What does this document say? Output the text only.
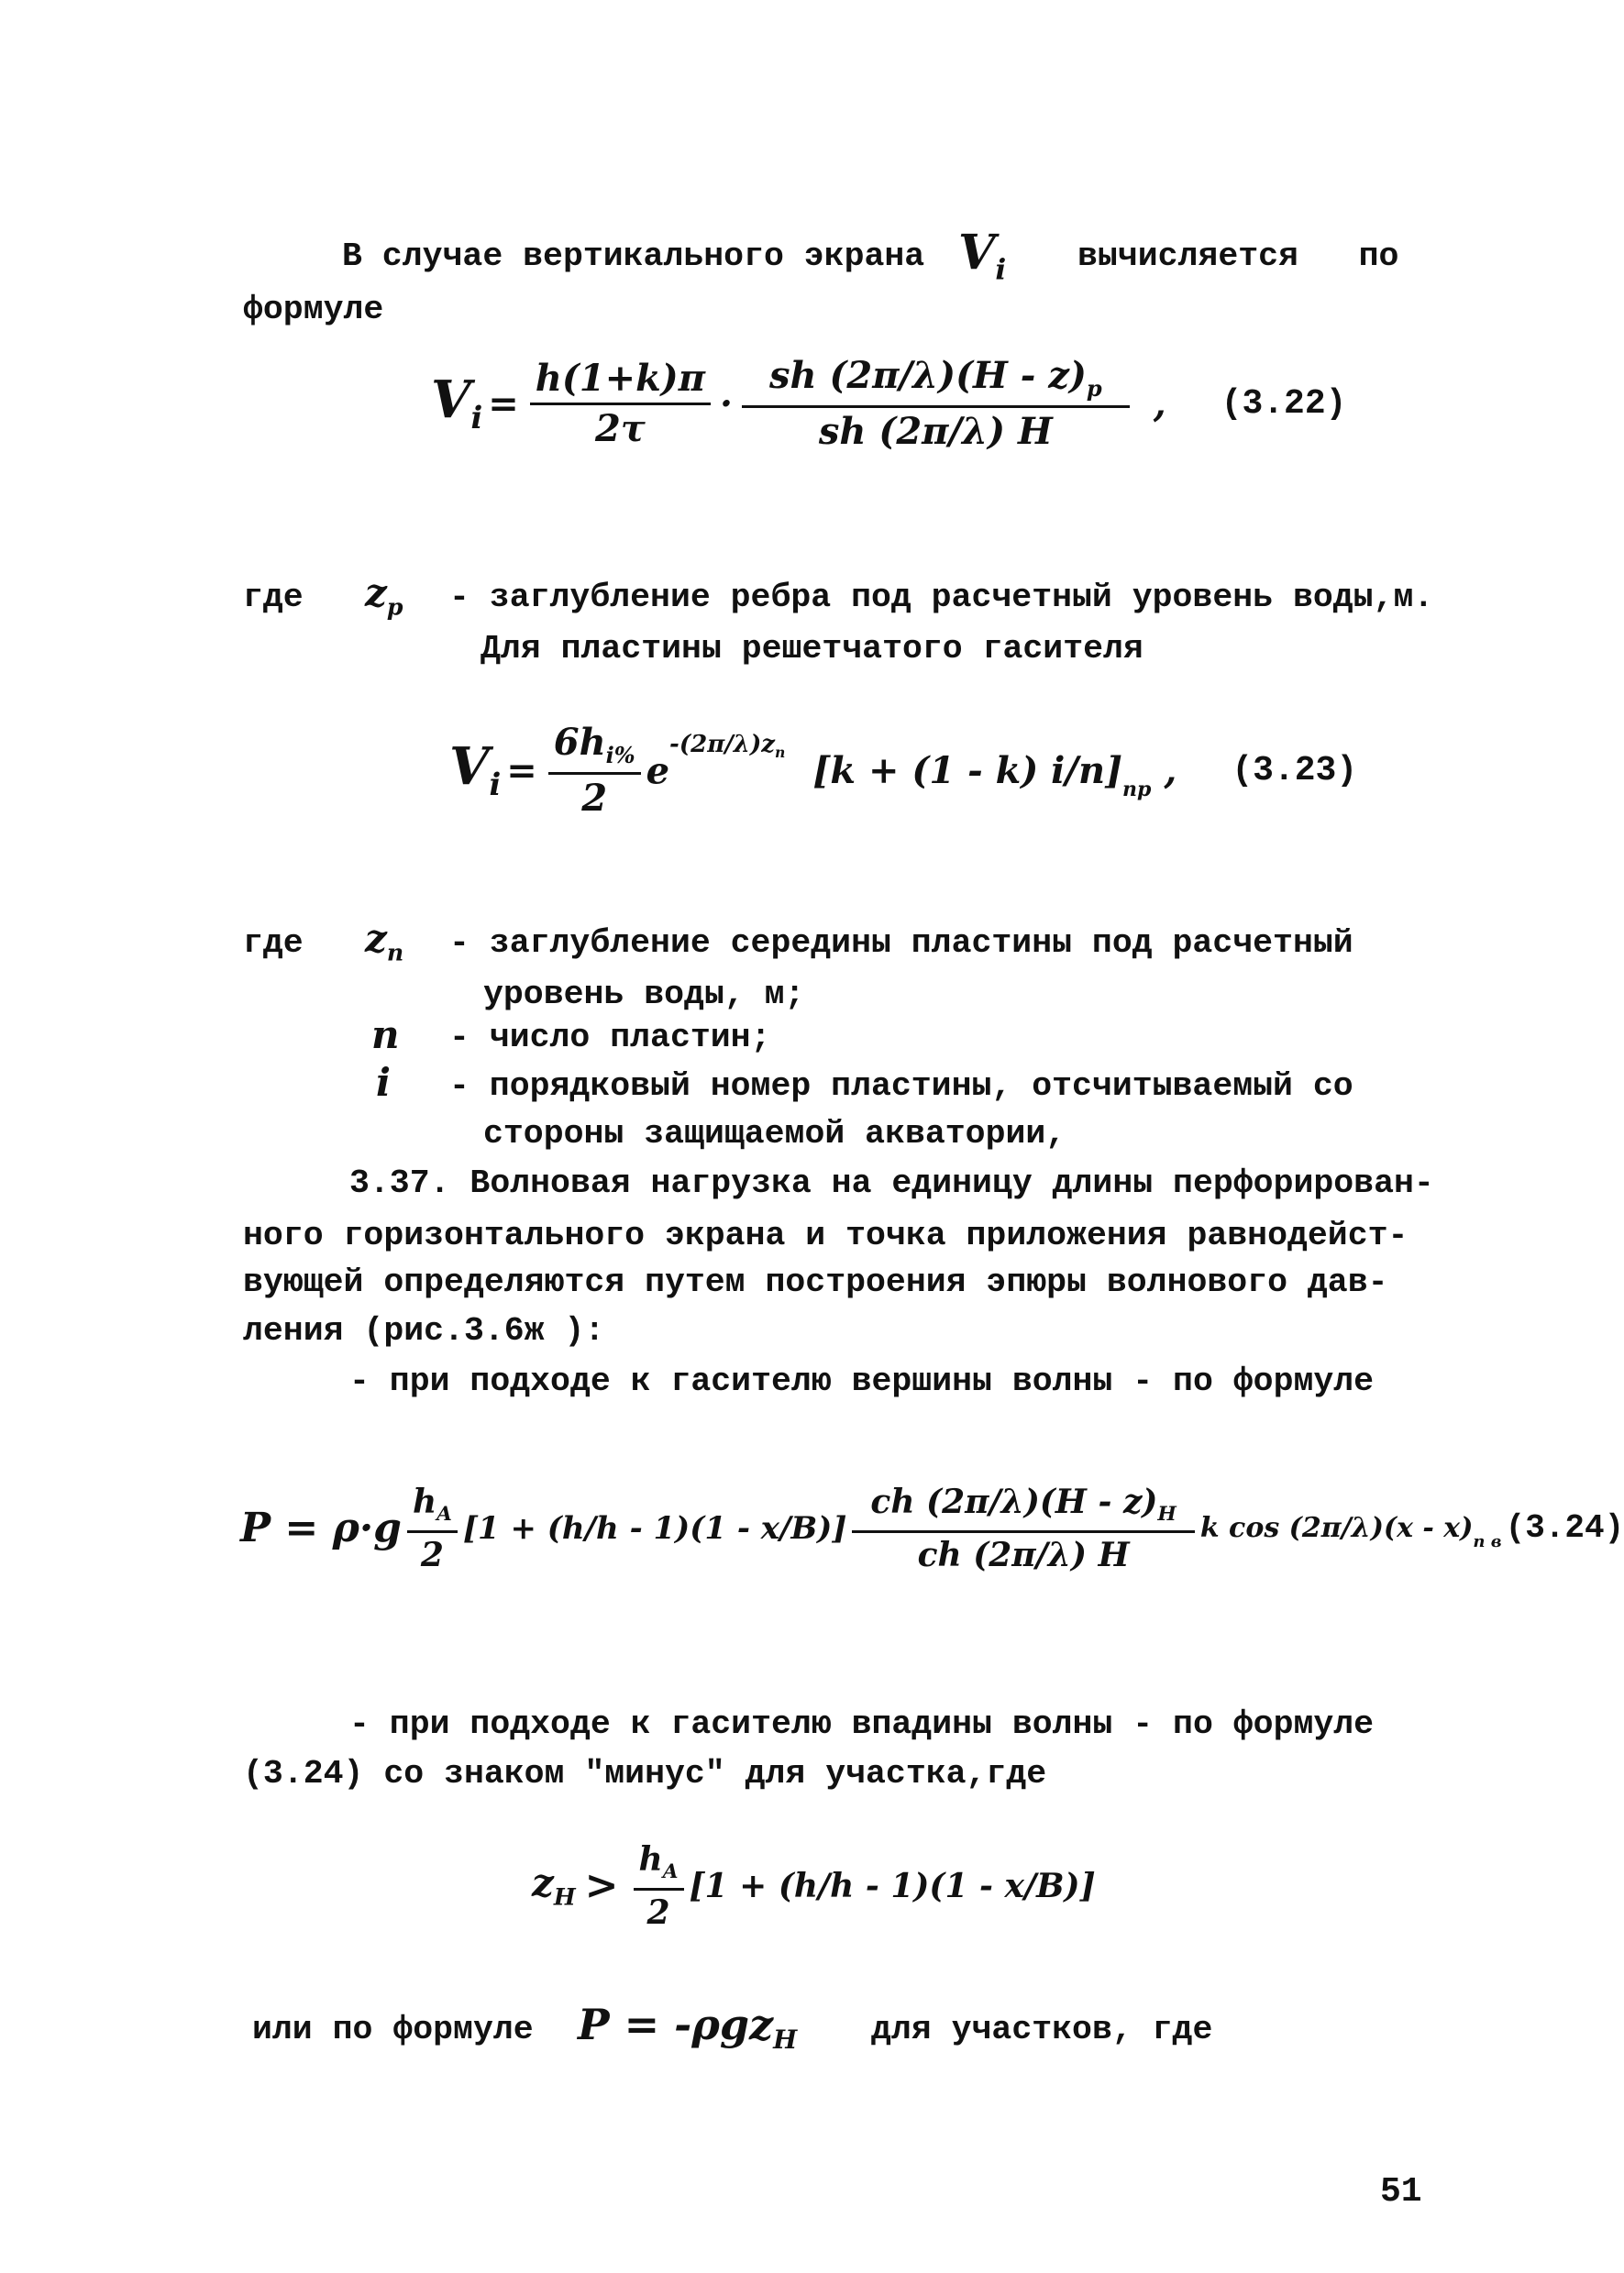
В случае вертикального экрана $V_i$ вычисляется   по
формуле
$V_i = \frac{h(1+k)\pi}{2\tau} \cdot \frac{sh (2\pi/\lambda)(H - z)_p}{sh (2\pi/\lambda) H}$ , (3.22)
где $z_p$ - заглубление ребра под расчетный уровень воды,м.
Для пластины решетчатого гасителя
$V_i = \frac{6h_{i\%}}{2} e^{-(2\pi/\lambda)z_n}$ [k + (1 - k) $i/n]_{пр}$ , (3.23)
где $z_n$ - заглубление середины пластины под расчетный
уровень воды, м;
n - число пластин;
i - порядковый номер пластины, отсчитываемый со
стороны защищаемой акватории,
3.37. Волновая нагрузка на единицу длины перфорирован-
ного горизонтального экрана и точка приложения равнодейст-
вующей определяются путем построения эпюры волнового дав-
ления (рис.3.6ж ):
- при подходе к гасителю вершины волны - по формуле
$P = \rho\cdot g \frac{h_A}{2} [1 + (h/h - 1)(1 - x/B)] \frac{ch (2\pi/\lambda)(H - z)_H}{ch (2\pi/\lambda) H}$ k cos (2π/λ)(x - x) $_{п в}$ (3.24)
- при подходе к гасителю впадины волны - по формуле
(3.24) со знаком "минус" для участка,где
$z_H > \frac{h_A}{2} [1 + (h/h - 1)(1 - x/B)]$
или по формуле P = -ρgz$_H$ для участков, где
51
